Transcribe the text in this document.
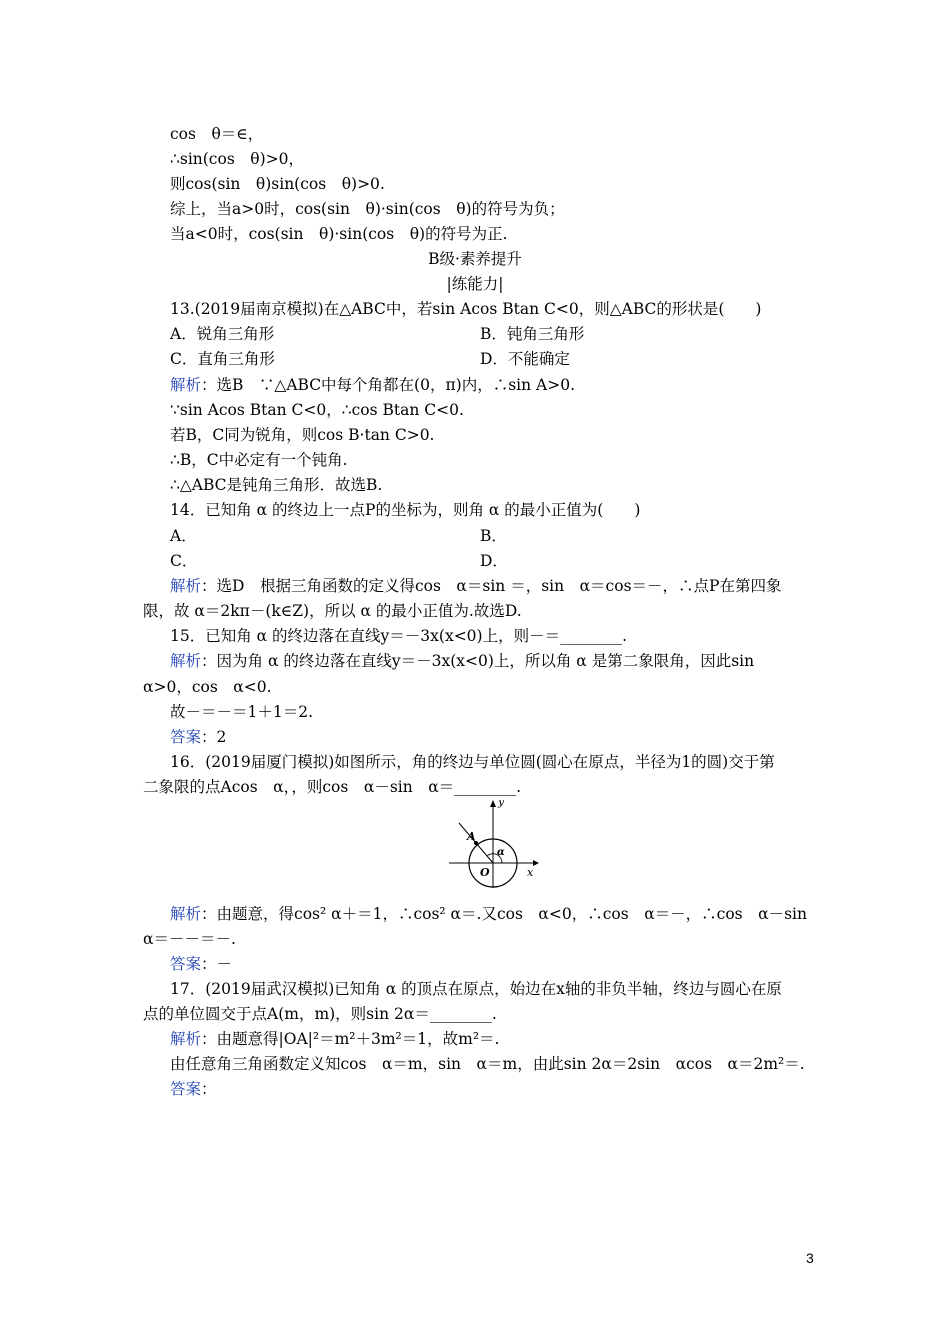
cos　θ＝∈，
∴sin(cos　θ)>0，
则cos(sin　θ)sin(cos　θ)>0.
综上，当a>0时，cos(sin　θ)·sin(cos　θ)的符号为负；
当a<0时，cos(sin　θ)·sin(cos　θ)的符号为正.
B级·素养提升
|练能力|
13.(2019届南京模拟)在△ABC中，若sin Acos Btan C<0，则△ABC的形状是(　　)
A．锐角三角形	B．钝角三角形
C．直角三角形	D．不能确定
解析：选B　∵△ABC中每个角都在(0，π)内，∴sin A>0.
∵sin Acos Btan C<0，∴cos Btan C<0.
若B，C同为锐角，则cos B·tan C>0.
∴B，C中必定有一个钝角.
∴△ABC是钝角三角形．故选B.
14．已知角 α 的终边上一点P的坐标为，则角 α 的最小正值为(　　)
A．	B．
C．	D．
解析：选D　根据三角函数的定义得cos　α＝sin ＝，sin　α＝cos＝－，∴点P在第四象
限，故 α＝2kπ－(k∈Z)，所以 α 的最小正值为.故选D.
15．已知角 α 的终边落在直线y＝－3x(x<0)上，则－＝________.
解析：因为角 α 的终边落在直线y＝－3x(x<0)上，所以角 α 是第二象限角，因此sin
α>0，cos　α<0.
故－＝－＝1＋1＝2.
答案：2
16．(2019届厦门模拟)如图所示，角的终边与单位圆(圆心在原点，半径为1的圆)交于第
二象限的点Acos　α，，则cos　α－sin　α＝________.
y
x
O
A
α
解析：由题意，得cos² α＋＝1，∴cos² α＝.又cos　α<0，∴cos　α＝－，∴cos　α－sin
α＝－－＝－.
答案：－
17．(2019届武汉模拟)已知角 α 的顶点在原点，始边在x轴的非负半轴，终边与圆心在原
点的单位圆交于点A(m，m)，则sin 2α＝________.
解析：由题意得|OA|²＝m²＋3m²＝1，故m²＝.
由任意角三角函数定义知cos　α＝m，sin　α＝m，由此sin 2α＝2sin　αcos　α＝2m²＝.
答案：
3
